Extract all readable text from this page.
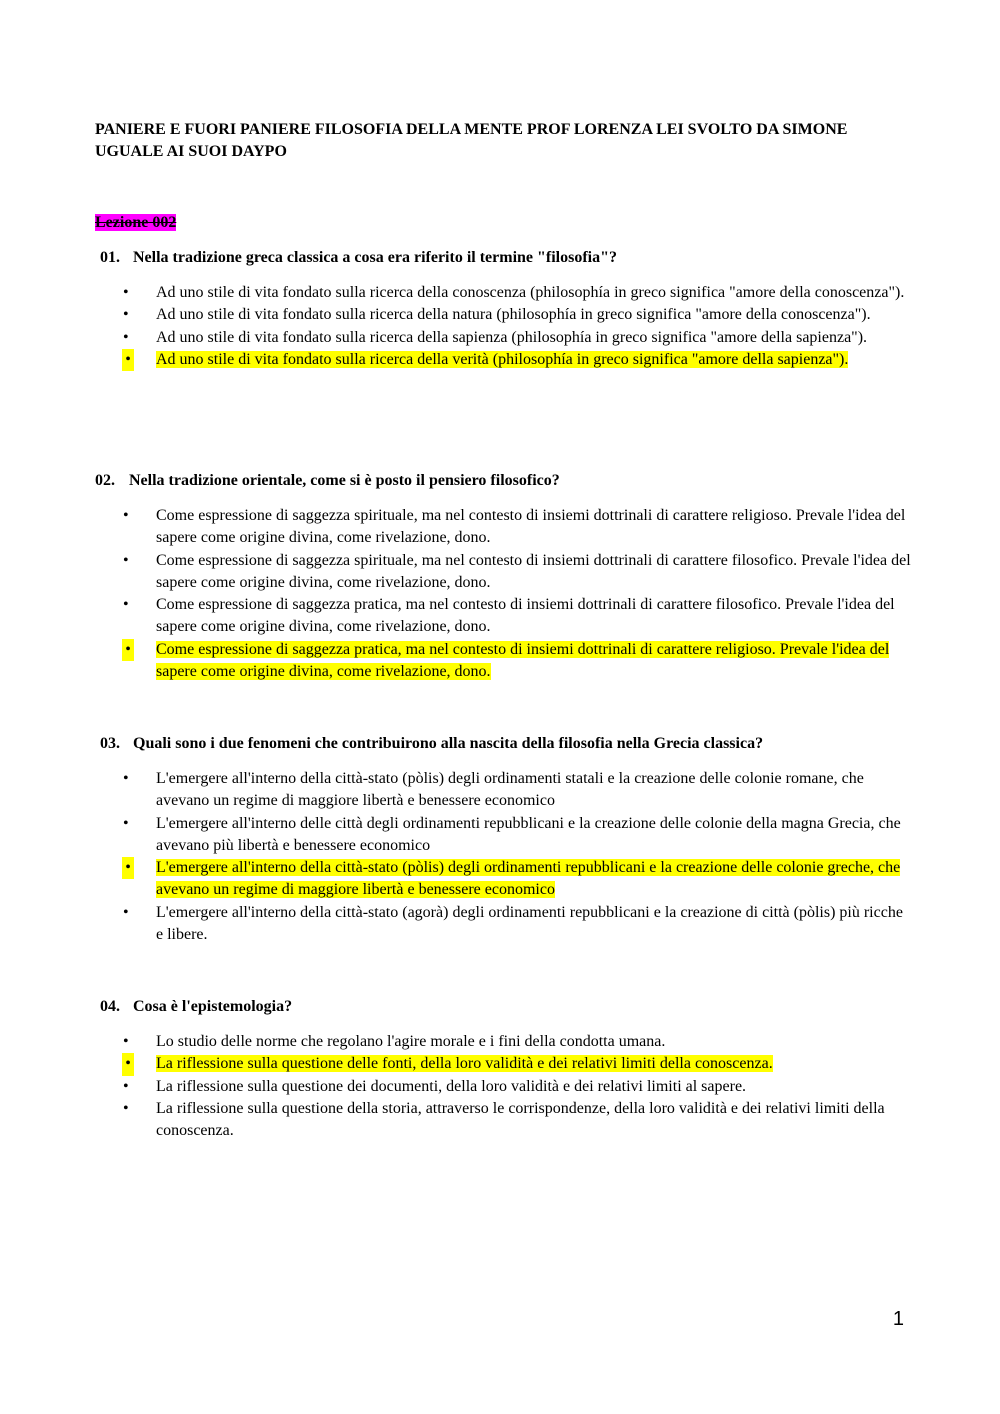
PANIERE E FUORI PANIERE FILOSOFIA DELLA MENTE PROF LORENZA LEI SVOLTO DA SIMONE UGUALE AI SUOI DAYPO

Lezione 002

01. Nella tradizione greca classica a cosa era riferito il termine "filosofia"?

• Ad uno stile di vita fondato sulla ricerca della conoscenza (philosophía in greco significa "amore della conoscenza").
• Ad uno stile di vita fondato sulla ricerca della natura (philosophía in greco significa "amore della conoscenza").
• Ad uno stile di vita fondato sulla ricerca della sapienza (philosophía in greco significa "amore della sapienza").
• Ad uno stile di vita fondato sulla ricerca della verità (philosophía in greco significa "amore della sapienza").

02. Nella tradizione orientale, come si è posto il pensiero filosofico?

• Come espressione di saggezza spirituale, ma nel contesto di insiemi dottrinali di carattere religioso. Prevale l'idea del sapere come origine divina, come rivelazione, dono.
• Come espressione di saggezza spirituale, ma nel contesto di insiemi dottrinali di carattere filosofico. Prevale l'idea del sapere come origine divina, come rivelazione, dono.
• Come espressione di saggezza pratica, ma nel contesto di insiemi dottrinali di carattere filosofico. Prevale l'idea del sapere come origine divina, come rivelazione, dono.
• Come espressione di saggezza pratica, ma nel contesto di insiemi dottrinali di carattere religioso. Prevale l'idea del sapere come origine divina, come rivelazione, dono.

03. Quali sono i due fenomeni che contribuirono alla nascita della filosofia nella Grecia classica?

• L'emergere all'interno della città-stato (pòlis) degli ordinamenti statali e la creazione delle colonie romane, che avevano un regime di maggiore libertà e benessere economico
• L'emergere all'interno delle città degli ordinamenti repubblicani e la creazione delle colonie della magna Grecia, che avevano più libertà e benessere economico
• L'emergere all'interno della città-stato (pòlis) degli ordinamenti repubblicani e la creazione delle colonie greche, che avevano un regime di maggiore libertà e benessere economico
• L'emergere all'interno della città-stato (agorà) degli ordinamenti repubblicani e la creazione di città (pòlis) più ricche e libere.

04. Cosa è l'epistemologia?

• Lo studio delle norme che regolano l'agire morale e i fini della condotta umana.
• La riflessione sulla questione delle fonti, della loro validità e dei relativi limiti della conoscenza.
• La riflessione sulla questione dei documenti, della loro validità e dei relativi limiti al sapere.
• La riflessione sulla questione della storia, attraverso le corrispondenze, della loro validità e dei relativi limiti della conoscenza.
1
